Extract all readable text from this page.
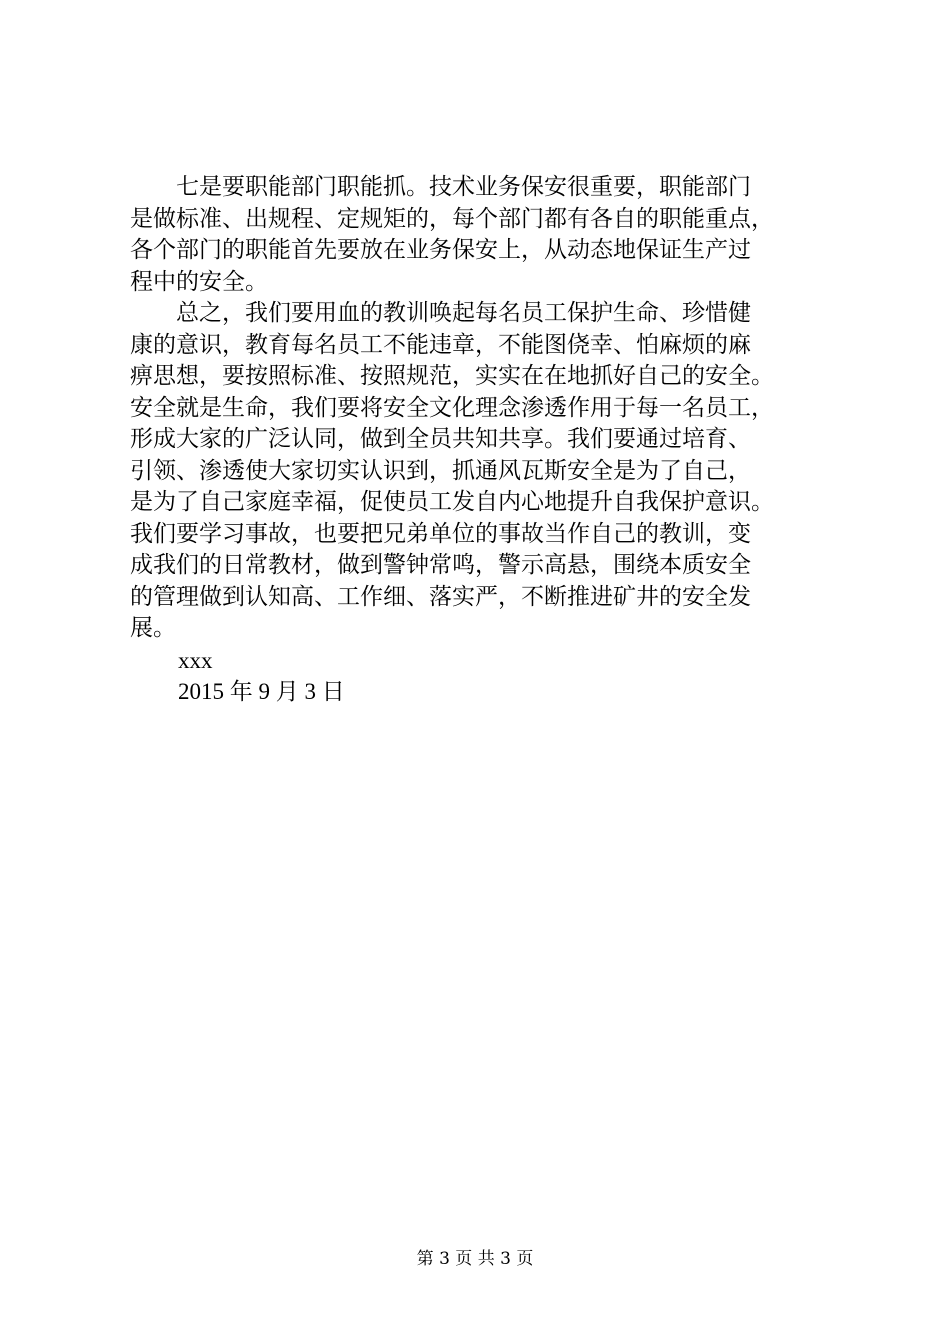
　　七是要职能部门职能抓。技术业务保安很重要，职能部门
是做标准、出规程、定规矩的，每个部门都有各自的职能重点，
各个部门的职能首先要放在业务保安上，从动态地保证生产过
程中的安全。

　　总之，我们要用血的教训唤起每名员工保护生命、珍惜健
康的意识，教育每名员工不能违章，不能图侥幸、怕麻烦的麻
痹思想，要按照标准、按照规范，实实在在地抓好自己的安全。
安全就是生命，我们要将安全文化理念渗透作用于每一名员工，
形成大家的广泛认同，做到全员共知共享。我们要通过培育、
引领、渗透使大家切实认识到，抓通风瓦斯安全是为了自己，
是为了自己家庭幸福，促使员工发自内心地提升自我保护意识。
我们要学习事故，也要把兄弟单位的事故当作自己的教训，变
成我们的日常教材，做到警钟常鸣，警示高悬，围绕本质安全
的管理做到认知高、工作细、落实严，不断推进矿井的安全发
展。

xxx

2015 年 9 月 3 日

第 3 页 共 3 页
